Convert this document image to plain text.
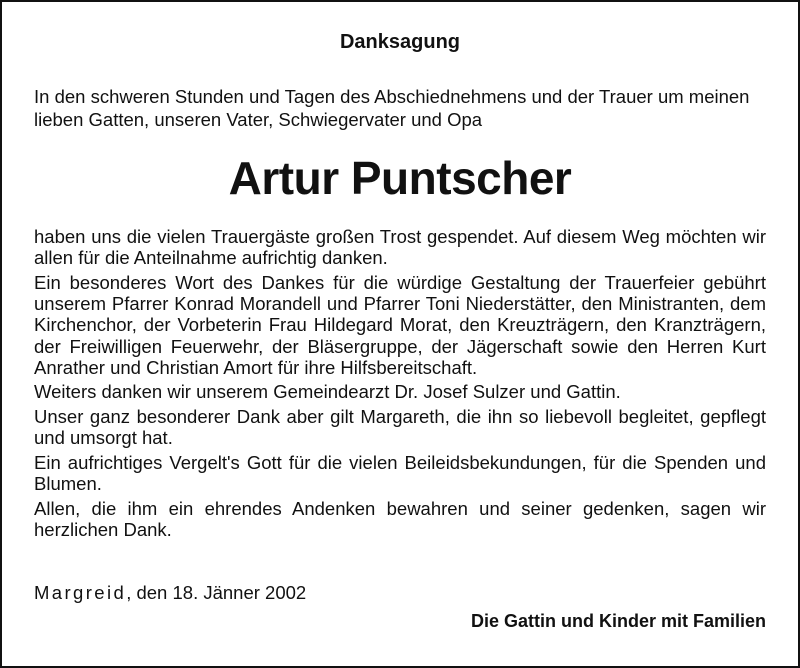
Danksagung
In den schweren Stunden und Tagen des Abschiednehmens und der Trauer um meinen lieben Gatten, unseren Vater, Schwiegervater und Opa
Artur Puntscher

haben uns die vielen Trauergäste großen Trost gespendet. Auf diesem Weg möchten wir allen für die Anteilnahme aufrichtig danken.

Ein besonderes Wort des Dankes für die würdige Gestaltung der Trauerfeier gebührt unserem Pfarrer Konrad Morandell und Pfarrer Toni Niederstätter, den Ministranten, dem Kirchenchor, der Vorbeterin Frau Hildegard Morat, den Kreuzträgern, den Kranzträgern, der Freiwilligen Feuerwehr, der Bläsergruppe, der Jägerschaft sowie den Herren Kurt Anrather und Christian Amort für ihre Hilfsbereitschaft.

Weiters danken wir unserem Gemeindearzt Dr. Josef Sulzer und Gattin.

Unser ganz besonderer Dank aber gilt Margareth, die ihn so liebevoll begleitet, gepflegt und umsorgt hat.

Ein aufrichtiges Vergelt's Gott für die vielen Beileidsbekundungen, für die Spenden und Blumen.

Allen, die ihm ein ehrendes Andenken bewahren und seiner gedenken, sagen wir herzlichen Dank.

Margreid, den 18. Jänner 2002
Die Gattin und Kinder mit Familien
